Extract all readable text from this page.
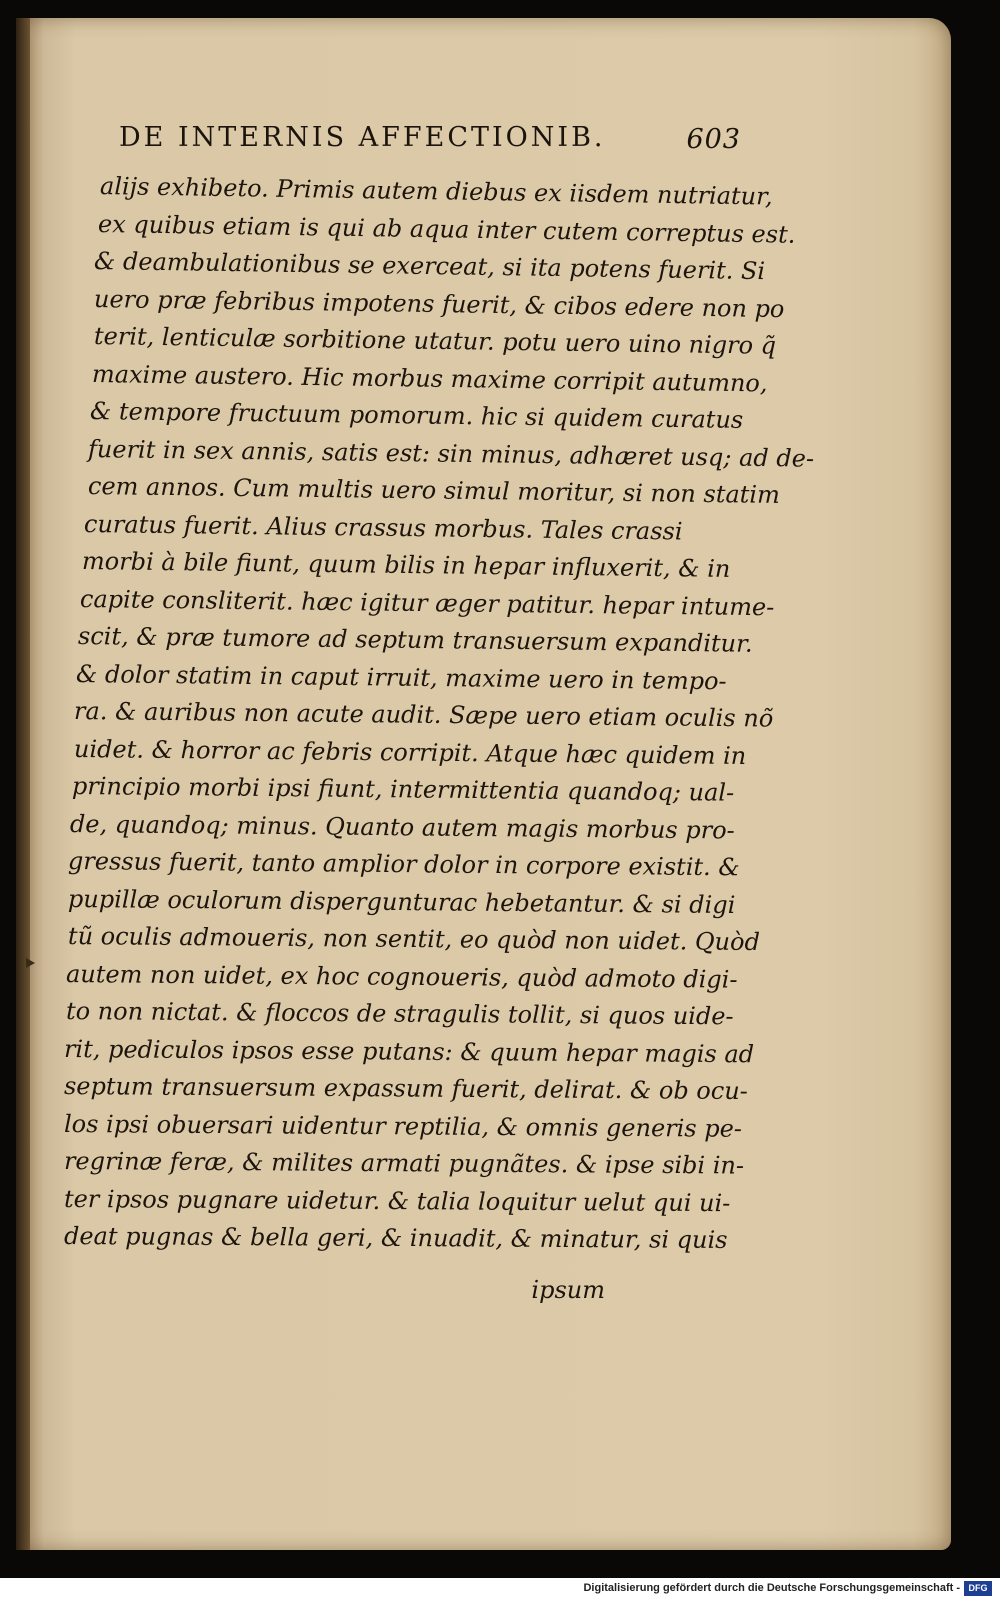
DE INTERNIS AFFECTIONIB.	603
alijs exhibeto. Primis autem diebus ex iisdem nutriatur,
ex quibus etiam is qui ab aqua inter cutem correptus est.
& deambulationibus se exerceat, si ita potens fuerit. Si
uero præ febribus impotens fuerit, & cibos edere non po
terit, lenticulæ sorbitione utatur. potu uero uino nigro q̃
maxime austero. Hic morbus maxime corripit autumno,
& tempore fructuum pomorum. hic si quidem curatus
fuerit in sex annis, satis est: sin minus, adhæret usq; ad de-
cem annos. Cum multis uero simul moritur, si non statim
curatus fuerit. Alius crassus morbus. Tales crassi
morbi à bile fiunt, quum bilis in hepar influxerit, & in
capite consliterit. hæc igitur æger patitur. hepar intume-
scit, & præ tumore ad septum transuersum expanditur.
& dolor statim in caput irruit, maxime uero in tempo-
ra. & auribus non acute audit. Sæpe uero etiam oculis nõ
uidet. & horror ac febris corripit. Atque hæc quidem in
principio morbi ipsi fiunt, intermittentia quandoq; ual-
de, quandoq; minus. Quanto autem magis morbus pro-
gressus fuerit, tanto amplior dolor in corpore existit. &
pupillæ oculorum dispergunturac hebetantur. & si digi
tũ oculis admoueris, non sentit, eo quòd non uidet. Quòd
autem non uidet, ex hoc cognoueris, quòd admoto digi-
to non nictat. & floccos de stragulis tollit, si quos uide-
rit, pediculos ipsos esse putans: & quum hepar magis ad
septum transuersum expassum fuerit, delirat. & ob ocu-
los ipsi obuersari uidentur reptilia, & omnis generis pe-
regrinæ feræ, & milites armati pugnãtes. & ipse sibi in-
ter ipsos pugnare uidetur. & talia loquitur uelut qui ui-
deat pugnas & bella geri, & inuadit, & minatur, si quis
ipsum
Digitalisierung gefördert durch die Deutsche Forschungsgemeinschaft - DFG
